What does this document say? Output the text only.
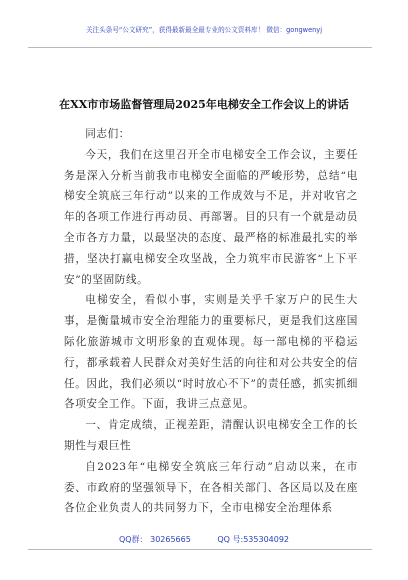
关注头条号“公文研究”，获得最新最全最专业的公文资料库！ 微信：gongwenyj
在XX市市场监督管理局2025年电梯安全工作会议上的讲话

同志们：

今天，我们在这里召开全市电梯安全工作会议，主要任务是深入分析当前我市电梯安全面临的严峻形势，总结“电梯安全筑底三年行动”以来的工作成效与不足，并对收官之年的各项工作进行再动员、再部署。目的只有一个就是动员全市各方力量，以最坚决的态度、最严格的标准最扎实的举措，坚决打赢电梯安全攻坚战，全力筑牢市民游客“上下平安”的坚固防线。

电梯安全，看似小事，实则是关乎千家万户的民生大事，是衡量城市安全治理能力的重要标尺，更是我们这座国际化旅游城市文明形象的直观体现。每一部电梯的平稳运行，都承载着人民群众对美好生活的向往和对公共安全的信任。因此，我们必须以“时时放心不下”的责任感，抓实抓细各项安全工作。下面，我讲三点意见。

一、肯定成绩，正视差距，清醒认识电梯安全工作的长期性与艰巨性

自2023年“电梯安全筑底三年行动”启动以来，在市委、市政府的坚强领导下，在各相关部门、各区局以及在座各位企业负责人的共同努力下，全市电梯安全治理体系

QQ群： 30265665	QQ 号:535304092
